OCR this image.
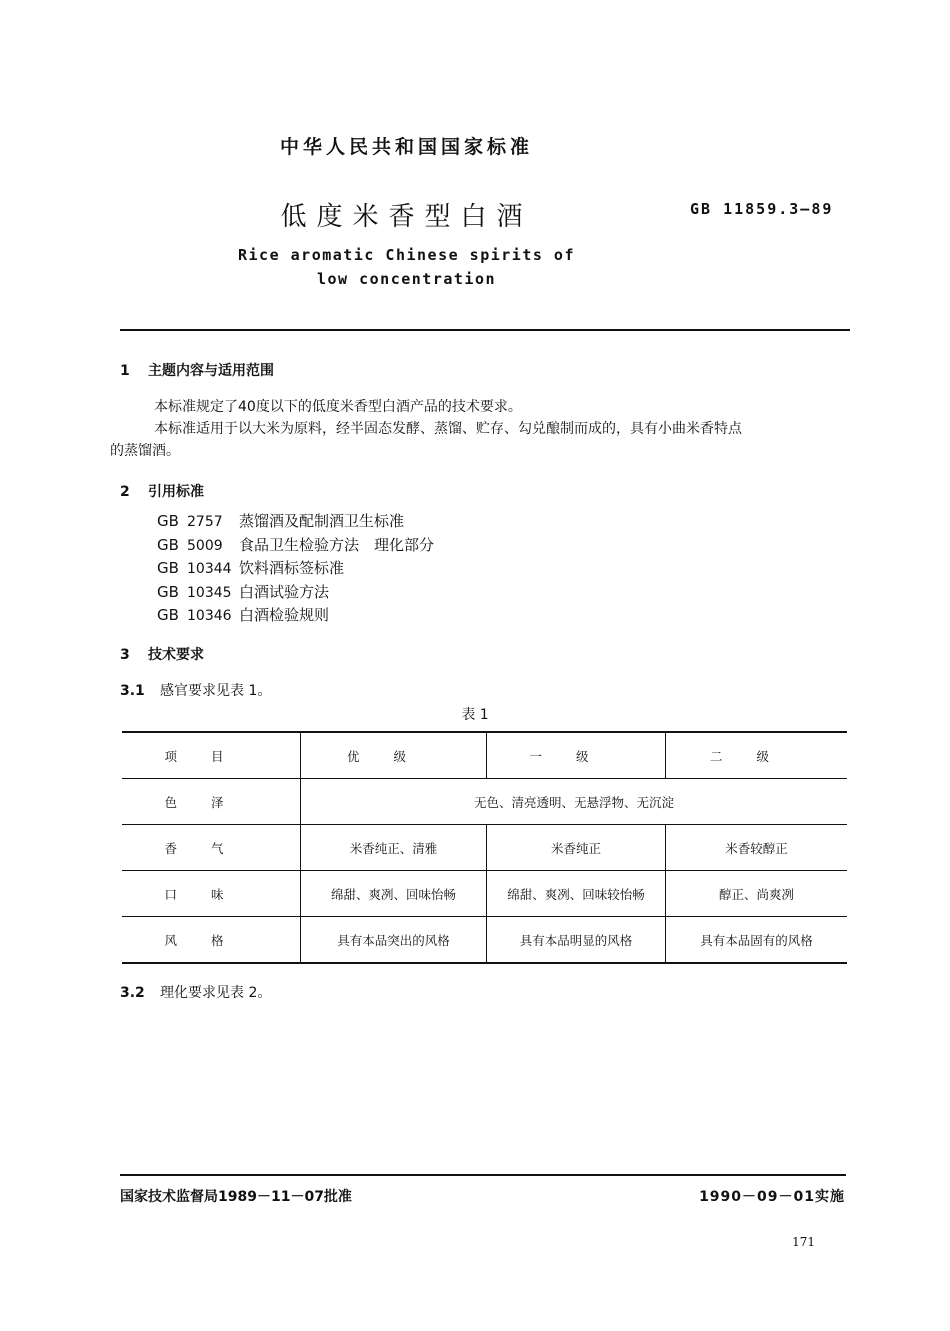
中华人民共和国国家标准
低度米香型白酒	GB 11859.3—89
Rice aromatic Chinese spirits of
low concentration
1 主题内容与适用范围
本标准规定了40度以下的低度米香型白酒产品的技术要求。
本标准适用于以大米为原料，经半固态发酵、蒸馏、贮存、勾兑酿制而成的，具有小曲米香特点
的蒸馏酒。
2 引用标准
GB 2757 蒸馏酒及配制酒卫生标准
GB 5009 食品卫生检验方法　理化部分
GB 10344 饮料酒标签标准
GB 10345 白酒试验方法
GB 10346 白酒检验规则
3 技术要求
3.1 感官要求见表 1。
表 1
项目	优级	一级	二级
色泽	无色、清亮透明、无悬浮物、无沉淀		
香气	米香纯正、清雅	米香纯正	米香较醇正
口味	绵甜、爽冽、回味怡畅	绵甜、爽冽、回味较怡畅	醇正、尚爽冽
风格	具有本品突出的风格	具有本品明显的风格	具有本品固有的风格
3.2 理化要求见表 2。
国家技术监督局1989－11－07批准	1990－09－01实施
171
